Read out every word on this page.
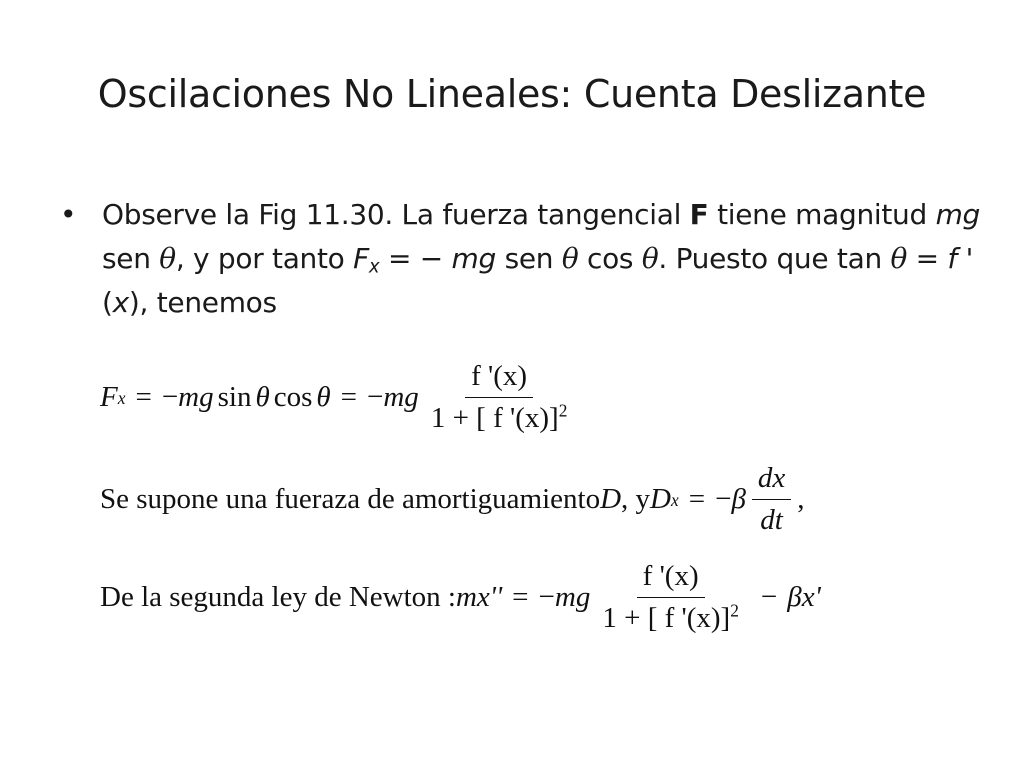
Oscilaciones No Lineales: Cuenta Deslizante
• Observe la Fig 11.30. La fuerza tangencial F tiene magnitud mg sen θ, y por tanto $F_x$ = − mg sen θ cos θ. Puesto que tan θ = f ' (x), tenemos
F x = − mg sin θ cos θ = − mg $\frac{f '(x)}{1 + [ f '(x)]^2}$
Se supone una fueraza de amortiguamiento D , y D x = − β $\frac{dx}{dt}$ ,
De la segunda ley de Newton : mx'' = − mg $\frac{f '(x)}{1 + [ f '(x)]^2} - \beta x'$
